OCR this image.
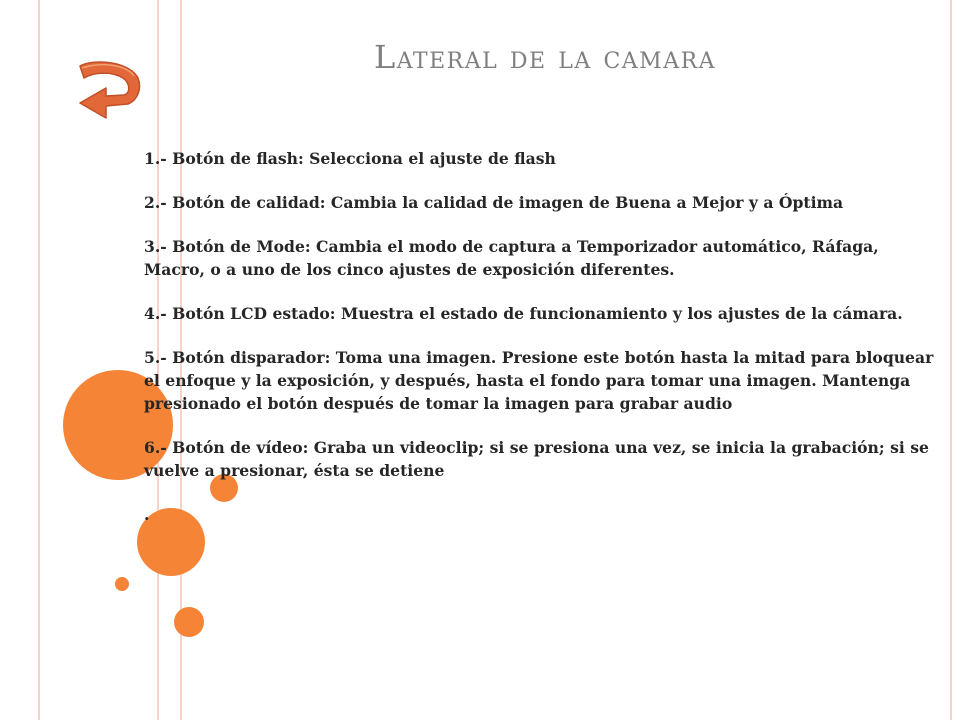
Lateral de la camara

1.- Botón de flash: Selecciona el ajuste de flash

2.- Botón de calidad: Cambia la calidad de imagen de Buena a Mejor y a Óptima

3.- Botón de Mode: Cambia el modo de captura a Temporizador automático, Ráfaga, Macro, o a uno de los cinco ajustes de exposición diferentes.

4.- Botón LCD estado: Muestra el estado de funcionamiento y los ajustes de la cámara.

5.- Botón disparador: Toma una imagen. Presione este botón hasta la mitad para bloquear el enfoque y la exposición, y después, hasta el fondo para tomar una imagen. Mantenga presionado el botón después de tomar la imagen para grabar audio

6.- Botón de vídeo: Graba un videoclip; si se presiona una vez, se inicia la grabación; si se vuelve a presionar, ésta se detiene

.
